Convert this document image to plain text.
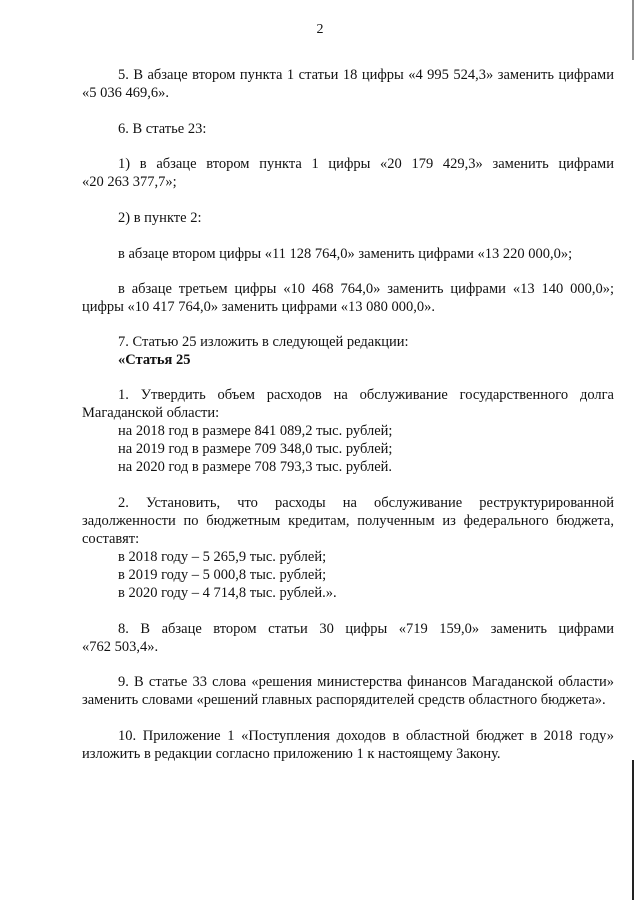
2

5. В абзаце втором пункта 1 статьи 18 цифры «4 995 524,3» заменить цифрами

«5 036 469,6».

6. В статье 23:

1) в абзаце втором пункта 1 цифры «20 179 429,3» заменить цифрами

«20 263 377,7»;

2) в пункте 2:

в абзаце втором цифры «11 128 764,0» заменить цифрами «13 220 000,0»;

в абзаце третьем цифры «10 468 764,0» заменить цифрами «13 140 000,0»;

цифры «10 417 764,0» заменить цифрами «13 080 000,0».

7. Статью 25 изложить в следующей редакции:

«Статья 25

1. Утвердить объем расходов на обслуживание государственного долга

Магаданской области:

на 2018 год в размере 841 089,2 тыс. рублей;

на 2019 год в размере 709 348,0 тыс. рублей;

на 2020 год в размере 708 793,3 тыс. рублей.

2. Установить, что расходы на обслуживание реструктурированной

задолженности по бюджетным кредитам, полученным из федерального бюджета,

составят:

в 2018 году – 5 265,9 тыс. рублей;

в 2019 году – 5 000,8 тыс. рублей;

в 2020 году – 4 714,8 тыс. рублей.».

8. В абзаце втором статьи 30 цифры «719 159,0» заменить цифрами

«762 503,4».

9. В статье 33 слова «решения министерства финансов Магаданской области»

заменить словами «решений главных распорядителей средств областного бюджета».

10. Приложение 1 «Поступления доходов в областной бюджет в 2018 году»

изложить в редакции согласно приложению 1 к настоящему Закону.
